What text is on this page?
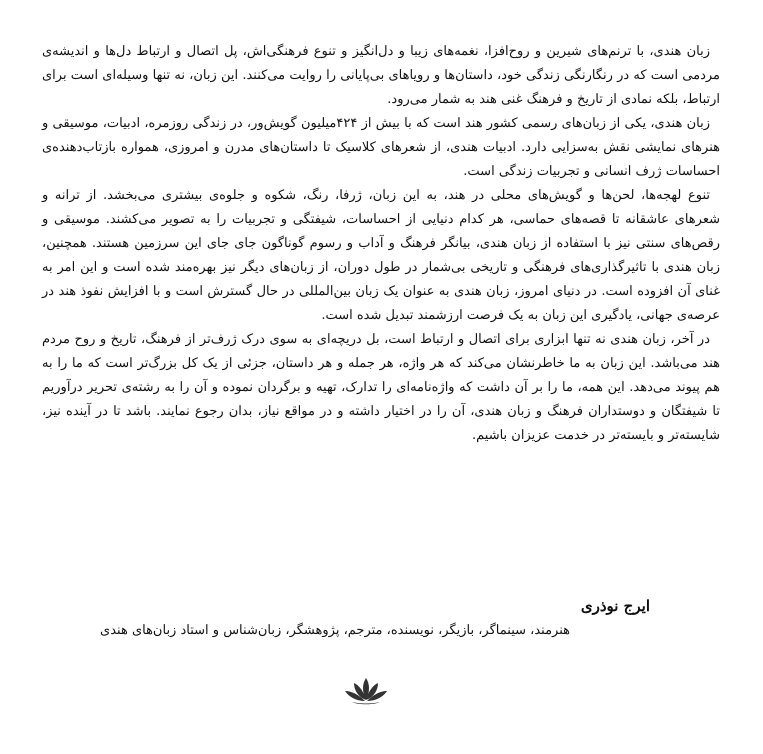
زبان هندی، با ترنم‌های شیرین و روح‌افزا، نغمه‌های زیبا و دل‌انگیز و تنوع فرهنگی‌اش، پل اتصال و ارتباط دل‌ها و اندیشه‌ی مردمی است که در رنگارنگی زندگی خود، داستان‌ها و رویاهای بی‌پایانی را روایت می‌کنند. این زبان، نه تنها وسیله‌ای است برای ارتباط، بلکه نمادی از تاریخ و فرهنگ غنی هند به شمار می‌رود.

زبان هندی، یکی از زبان‌های رسمی کشور هند است که با بیش از ۴۲۴میلیون گویش‌ور، در زندگی روزمره، ادبیات، موسیقی و هنرهای نمایشی نقش به‌سزایی دارد. ادبیات هندی، از شعرهای کلاسیک تا داستان‌های مدرن و امروزی، همواره بازتاب‌دهنده‌ی احساسات ژرف انسانی و تجربیات زندگی است.

تنوع لهجه‌ها، لحن‌ها و گویش‌های محلی در هند، به این زبان، ژرفا، رنگ، شکوه و جلوه‌ی بیشتری می‌بخشد. از ترانه و شعرهای عاشقانه تا قصه‌های حماسی، هر کدام دنیایی از احساسات، شیفتگی و تجربیات را به تصویر می‌کشند. موسیقی و رقص‌های سنتی نیز با استفاده از زبان هندی، بیانگر فرهنگ و آداب و رسوم گوناگون جای جای این سرزمین هستند. همچنین، زبان هندی با تاثیرگذاری‌های فرهنگی و تاریخی بی‌شمار در طول دوران، از زبان‌های دیگر نیز بهره‌مند شده است و این امر به غنای آن افزوده است. در دنیای امروز، زبان هندی به عنوان یک زبان بین‌المللی در حال گسترش است و با افزایش نفوذ هند در عرصه‌ی جهانی، یادگیری این زبان به یک فرصت ارزشمند تبدیل شده است.

در آخر، زبان هندی نه تنها ابزاری برای اتصال و ارتباط است، بل دریچه‌ای به سوی درک ژرف‌تر از فرهنگ، تاریخ و روح مردم هند می‌باشد. این زبان به ما خاطرنشان می‌کند که هر واژه، هر جمله و هر داستان، جزئی از یک کل بزرگ‌تر است که ما را به هم پیوند می‌دهد. این همه، ما را بر آن داشت که واژه‌نامه‌ای را تدارک، تهیه و برگردان نموده و آن را به رشته‌ی تحریر درآوریم تا شیفتگان و دوستداران فرهنگ و زبان هندی، آن را در اختیار داشته و در مواقع نیاز، بدان رجوع نمایند. باشد تا در آینده نیز، شایسته‌تر و بایسته‌تر در خدمت عزیزان باشیم.

ایرج نوذری

هنرمند، سینماگر، بازیگر، نویسنده، مترجم، پژوهشگر، زبان‌شناس و استاد زبان‌های هندی
